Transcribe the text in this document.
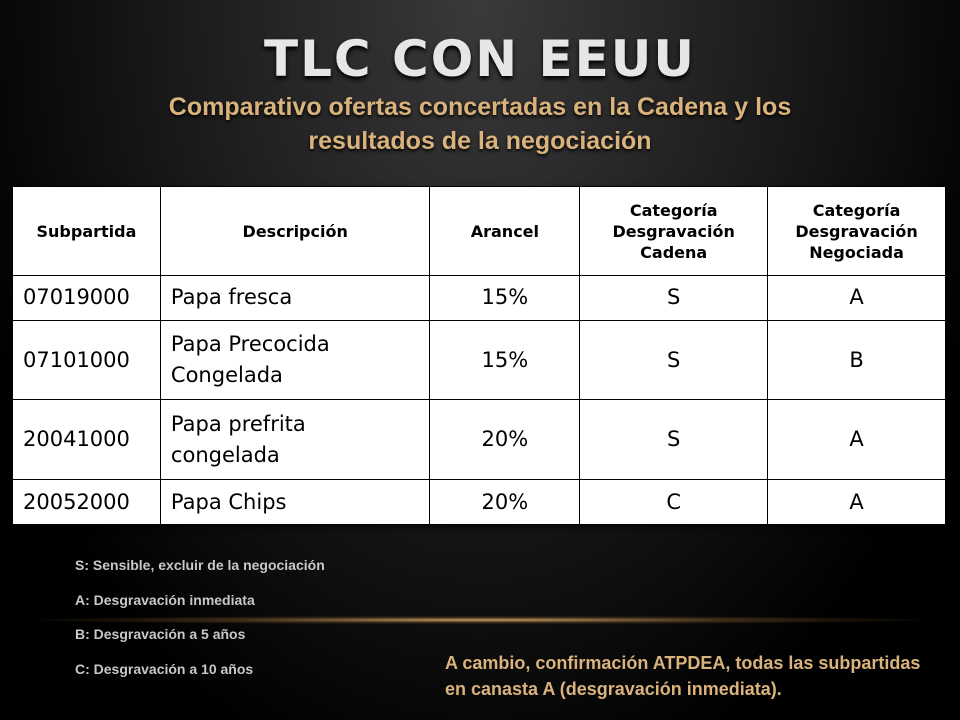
TLC CON EEUU

Comparativo ofertas concertadas en la Cadena y los resultados de la negociación

Subpartida	Descripción	Arancel	Categoría Desgravación Cadena	Categoría Desgravación Negociada
07019000	Papa fresca	15%	S	A
07101000	Papa Precocida Congelada	15%	S	B
20041000	Papa prefrita congelada	20%	S	A
20052000	Papa Chips	20%	C	A
S: Sensible, excluir de la negociación
A: Desgravación inmediata
B: Desgravación a 5 años
C: Desgravación a 10 años	A cambio, confirmación ATPDEA, todas las subpartidas en canasta A (desgravación inmediata).
